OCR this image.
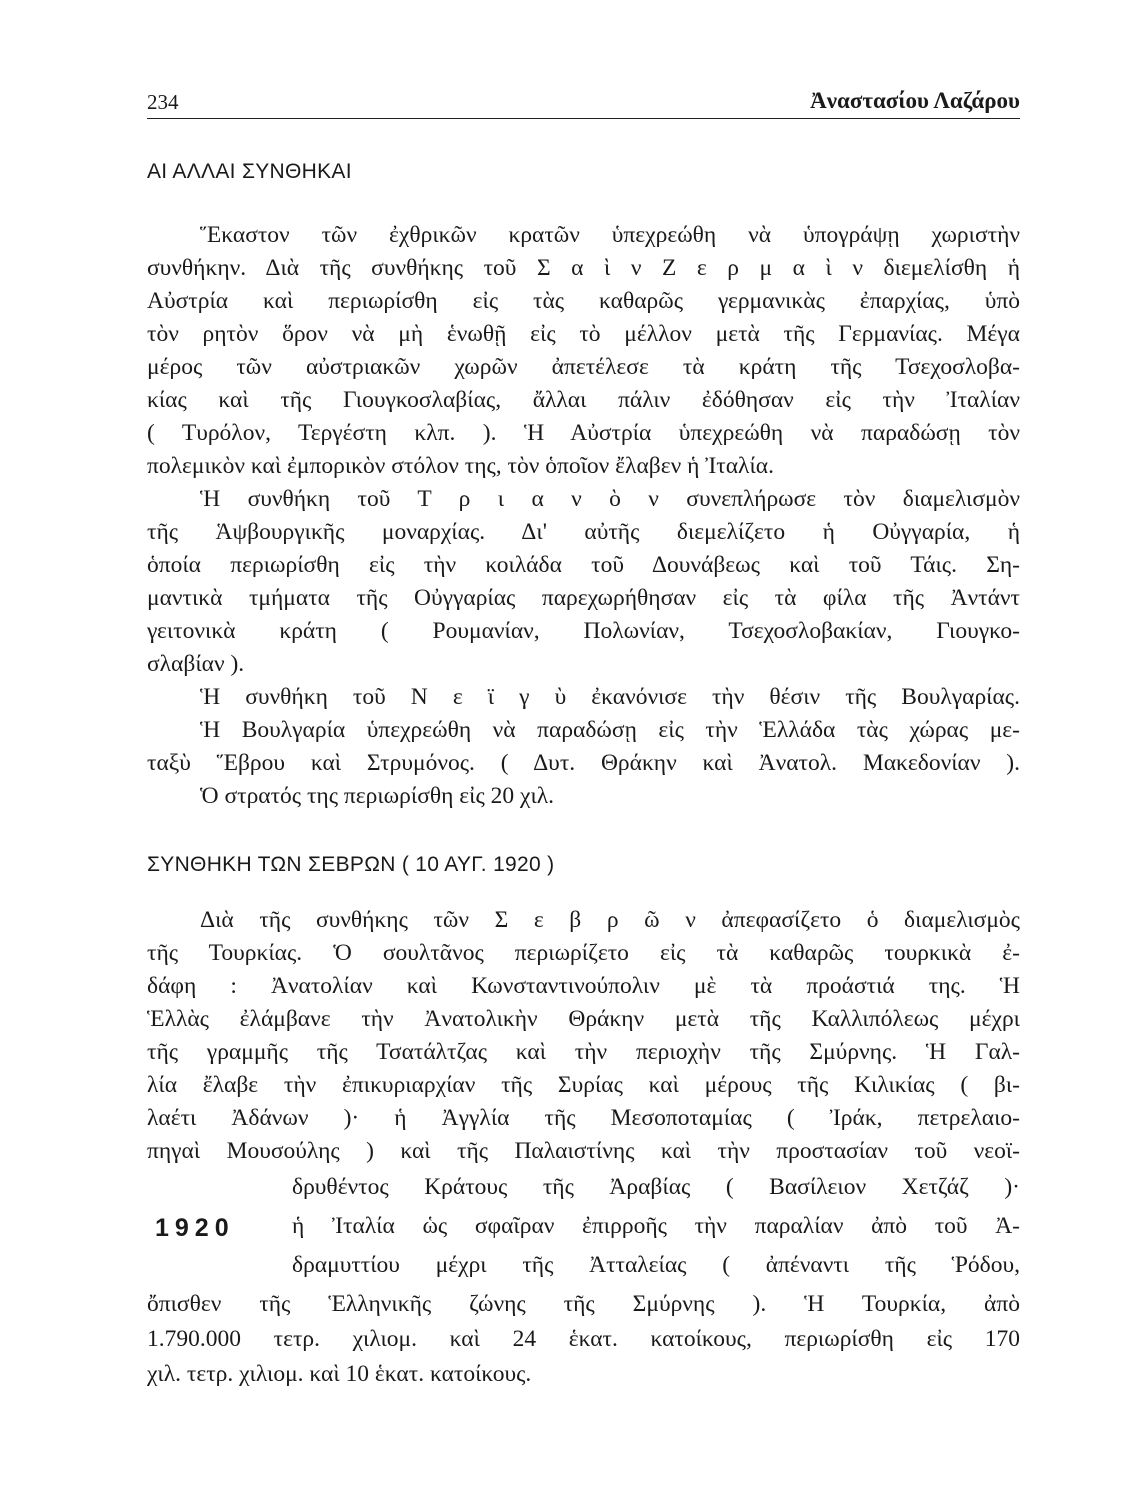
234	Ἀναστασίου Λαζάρου
ΑΙ ΑΛΛΑΙ ΣΥΝΘΗΚΑΙ
Ἕκαστον τῶν ἐχθρικῶν κρατῶν ὑπεχρεώθη νὰ ὑπογράψῃ χωριστὴν
συνθήκην. Διὰ τῆς συνθήκης τοῦ Σ α ὶ ν Ζ ε ρ μ α ὶ ν διεμελίσθη ἡ
Αὐστρία καὶ περιωρίσθη εἰς τὰς καθαρῶς γερμανικὰς ἐπαρχίας, ὑπὸ
τὸν ρητὸν ὅρον νὰ μὴ ἑνωθῇ εἰς τὸ μέλλον μετὰ τῆς Γερμανίας. Μέγα
μέρος τῶν αὐστριακῶν χωρῶν ἀπετέλεσε τὰ κράτη τῆς Τσεχοσλοβα-
κίας καὶ τῆς Γιουγκοσλαβίας, ἄλλαι πάλιν ἐδόθησαν εἰς τὴν Ἰταλίαν
( Τυρόλον, Τεργέστη κλπ. ). Ἡ Αὐστρία ὑπεχρεώθη νὰ παραδώσῃ τὸν
πολεμικὸν καὶ ἐμπορικὸν στόλον της, τὸν ὁποῖον ἔλαβεν ἡ Ἰταλία.
Ἡ συνθήκη τοῦ Τ ρ ι α ν ὸ ν συνεπλήρωσε τὸν διαμελισμὸν
τῆς Ἁψβουργικῆς μοναρχίας. Δι' αὐτῆς διεμελίζετο ἡ Οὐγγαρία, ἡ
ὁποία περιωρίσθη εἰς τὴν κοιλάδα τοῦ Δουνάβεως καὶ τοῦ Τάις. Ση-
μαντικὰ τμήματα τῆς Οὐγγαρίας παρεχωρήθησαν εἰς τὰ φίλα τῆς Ἀντάντ
γειτονικὰ κράτη ( Ρουμανίαν, Πολωνίαν, Τσεχοσλοβακίαν, Γιουγκο-
σλαβίαν ).
Ἡ συνθήκη τοῦ Ν ε ϊ γ ὺ ἐκανόνισε τὴν θέσιν τῆς Βουλγαρίας.
Ἡ Βουλγαρία ὑπεχρεώθη νὰ παραδώσῃ εἰς τὴν Ἑλλάδα τὰς χώρας με-
ταξὺ Ἕβρου καὶ Στρυμόνος. ( Δυτ. Θράκην καὶ Ἀνατολ. Μακεδονίαν ).
Ὁ στρατός της περιωρίσθη εἰς 20 χιλ.
ΣΥΝΘΗΚΗ ΤΩΝ ΣΕΒΡΩΝ ( 10 ΑΥΓ. 1920 )
Διὰ τῆς συνθήκης τῶν Σ ε β ρ ῶ ν ἀπεφασίζετο ὁ διαμελισμὸς
τῆς Τουρκίας. Ὁ σουλτᾶνος περιωρίζετο εἰς τὰ καθαρῶς τουρκικὰ ἐ-
δάφη : Ἀνατολίαν καὶ Κωνσταντινούπολιν μὲ τὰ προάστιά της. Ἡ
Ἑλλὰς ἐλάμβανε τὴν Ἀνατολικὴν Θράκην μετὰ τῆς Καλλιπόλεως μέχρι
τῆς γραμμῆς τῆς Τσατάλτζας καὶ τὴν περιοχὴν τῆς Σμύρνης. Ἡ Γαλ-
λία ἔλαβε τὴν ἐπικυριαρχίαν τῆς Συρίας καὶ μέρους τῆς Κιλικίας ( βι-
λαέτι Ἀδάνων )· ἡ Ἀγγλία τῆς Μεσοποταμίας ( Ἰράκ, πετρελαιο-
πηγαὶ Μουσούλης ) καὶ τῆς Παλαιστίνης καὶ τὴν προστασίαν τοῦ νεοϊ-
δρυθέντος Κράτους τῆς Ἀραβίας ( Βασίλειον Χετζάζ )·
ἡ Ἰταλία ὡς σφαῖραν ἐπιρροῆς τὴν παραλίαν ἀπὸ τοῦ Ἀ-
δραμυττίου μέχρι τῆς Ἀτταλείας ( ἀπέναντι τῆς Ῥόδου,
ὄπισθεν τῆς Ἑλληνικῆς ζώνης τῆς Σμύρνης ). Ἡ Τουρκία, ἀπὸ
1.790.000 τετρ. χιλιομ. καὶ 24 ἑκατ. κατοίκους, περιωρίσθη εἰς 170
χιλ. τετρ. χιλιομ. καὶ 10 ἑκατ. κατοίκους.
1920
